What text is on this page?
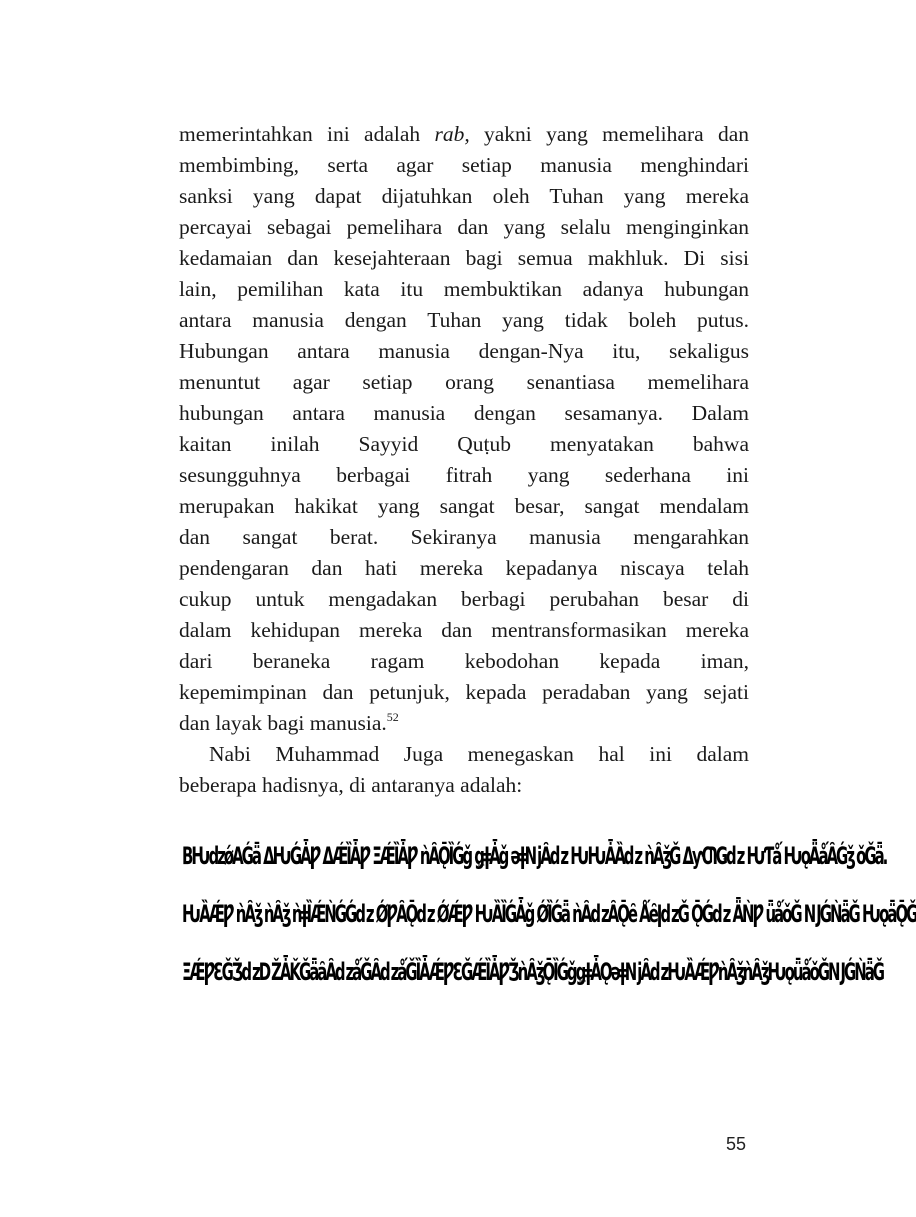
memerintahkan ini adalah rab, yakni yang memelihara dan
membimbing, serta agar setiap manusia menghindari
sanksi yang dapat dijatuhkan oleh Tuhan yang mereka
percayai sebagai pemelihara dan yang selalu menginginkan
kedamaian dan kesejahteraan bagi semua makhluk. Di sisi
lain, pemilihan kata itu membuktikan adanya hubungan
antara manusia dengan Tuhan yang tidak boleh putus.
Hubungan antara manusia dengan-Nya itu, sekaligus
menuntut agar setiap orang senantiasa memelihara
hubungan antara manusia dengan sesamanya. Dalam
kaitan inilah Sayyid Quṭub menyatakan bahwa
sesungguhnya berbagai fitrah yang sederhana ini
merupakan hakikat yang sangat besar, sangat mendalam
dan sangat berat. Sekiranya manusia mengarahkan
pendengaran dan hati mereka kepadanya niscaya telah
cukup untuk mengadakan berbagi perubahan besar di
dalam kehidupan mereka dan mentransformasikan mereka
dari beraneka ragam kebodohan kepada iman,
kepemimpinan dan petunjuk, kepada peradaban yang sejati
dan layak bagi manusia.$^{52}$
Nabi Muhammad Juga menegaskan hal ini dalam
beberapa hadisnya, di antaranya adalah:
ΒǶdzǿΑǴǟ ΔǶǴǠǷ ΔǼȈǠǷ ΞǼȈǠǷ ǹȂǬȈǴǧ ǥǂǠǧ ǝǂǋȂǳ ǶǶǠȀǳ ǹȂǯǦ ΔƴƢǤǳ ǶƬǻ ǶǫǞǻȂǴǯ ǒǦǟ.
ǶȀǼǷ ǹȂǯ ǹȂǯ ǹǂȈǼǸǴǴǳ ǾǷȂǬǳ ǾǼǷ ǶȀȈǴǠǧ ǾȈǴǟ ǹȂǳȂǬȇ ǺȇǀǳǦ ǬǴǳ ǞǸǷ ǖǻǒǦ ǊǴǸǟǦ ǶǫǟǬǦ
ΞǼǷƐǦǮǳǄǠǨǦǟȃȂǳǻǦȂǳǻǦȈǠǼǷƐǦǼȈǠǷǮǹȂǯǬȈǴǧǥǂǠǪǝǂǋȂǳǶȀǼǷǹȂǯǹȂǯǶǫǖǻǒǦǊǴǸǟǦ
55
